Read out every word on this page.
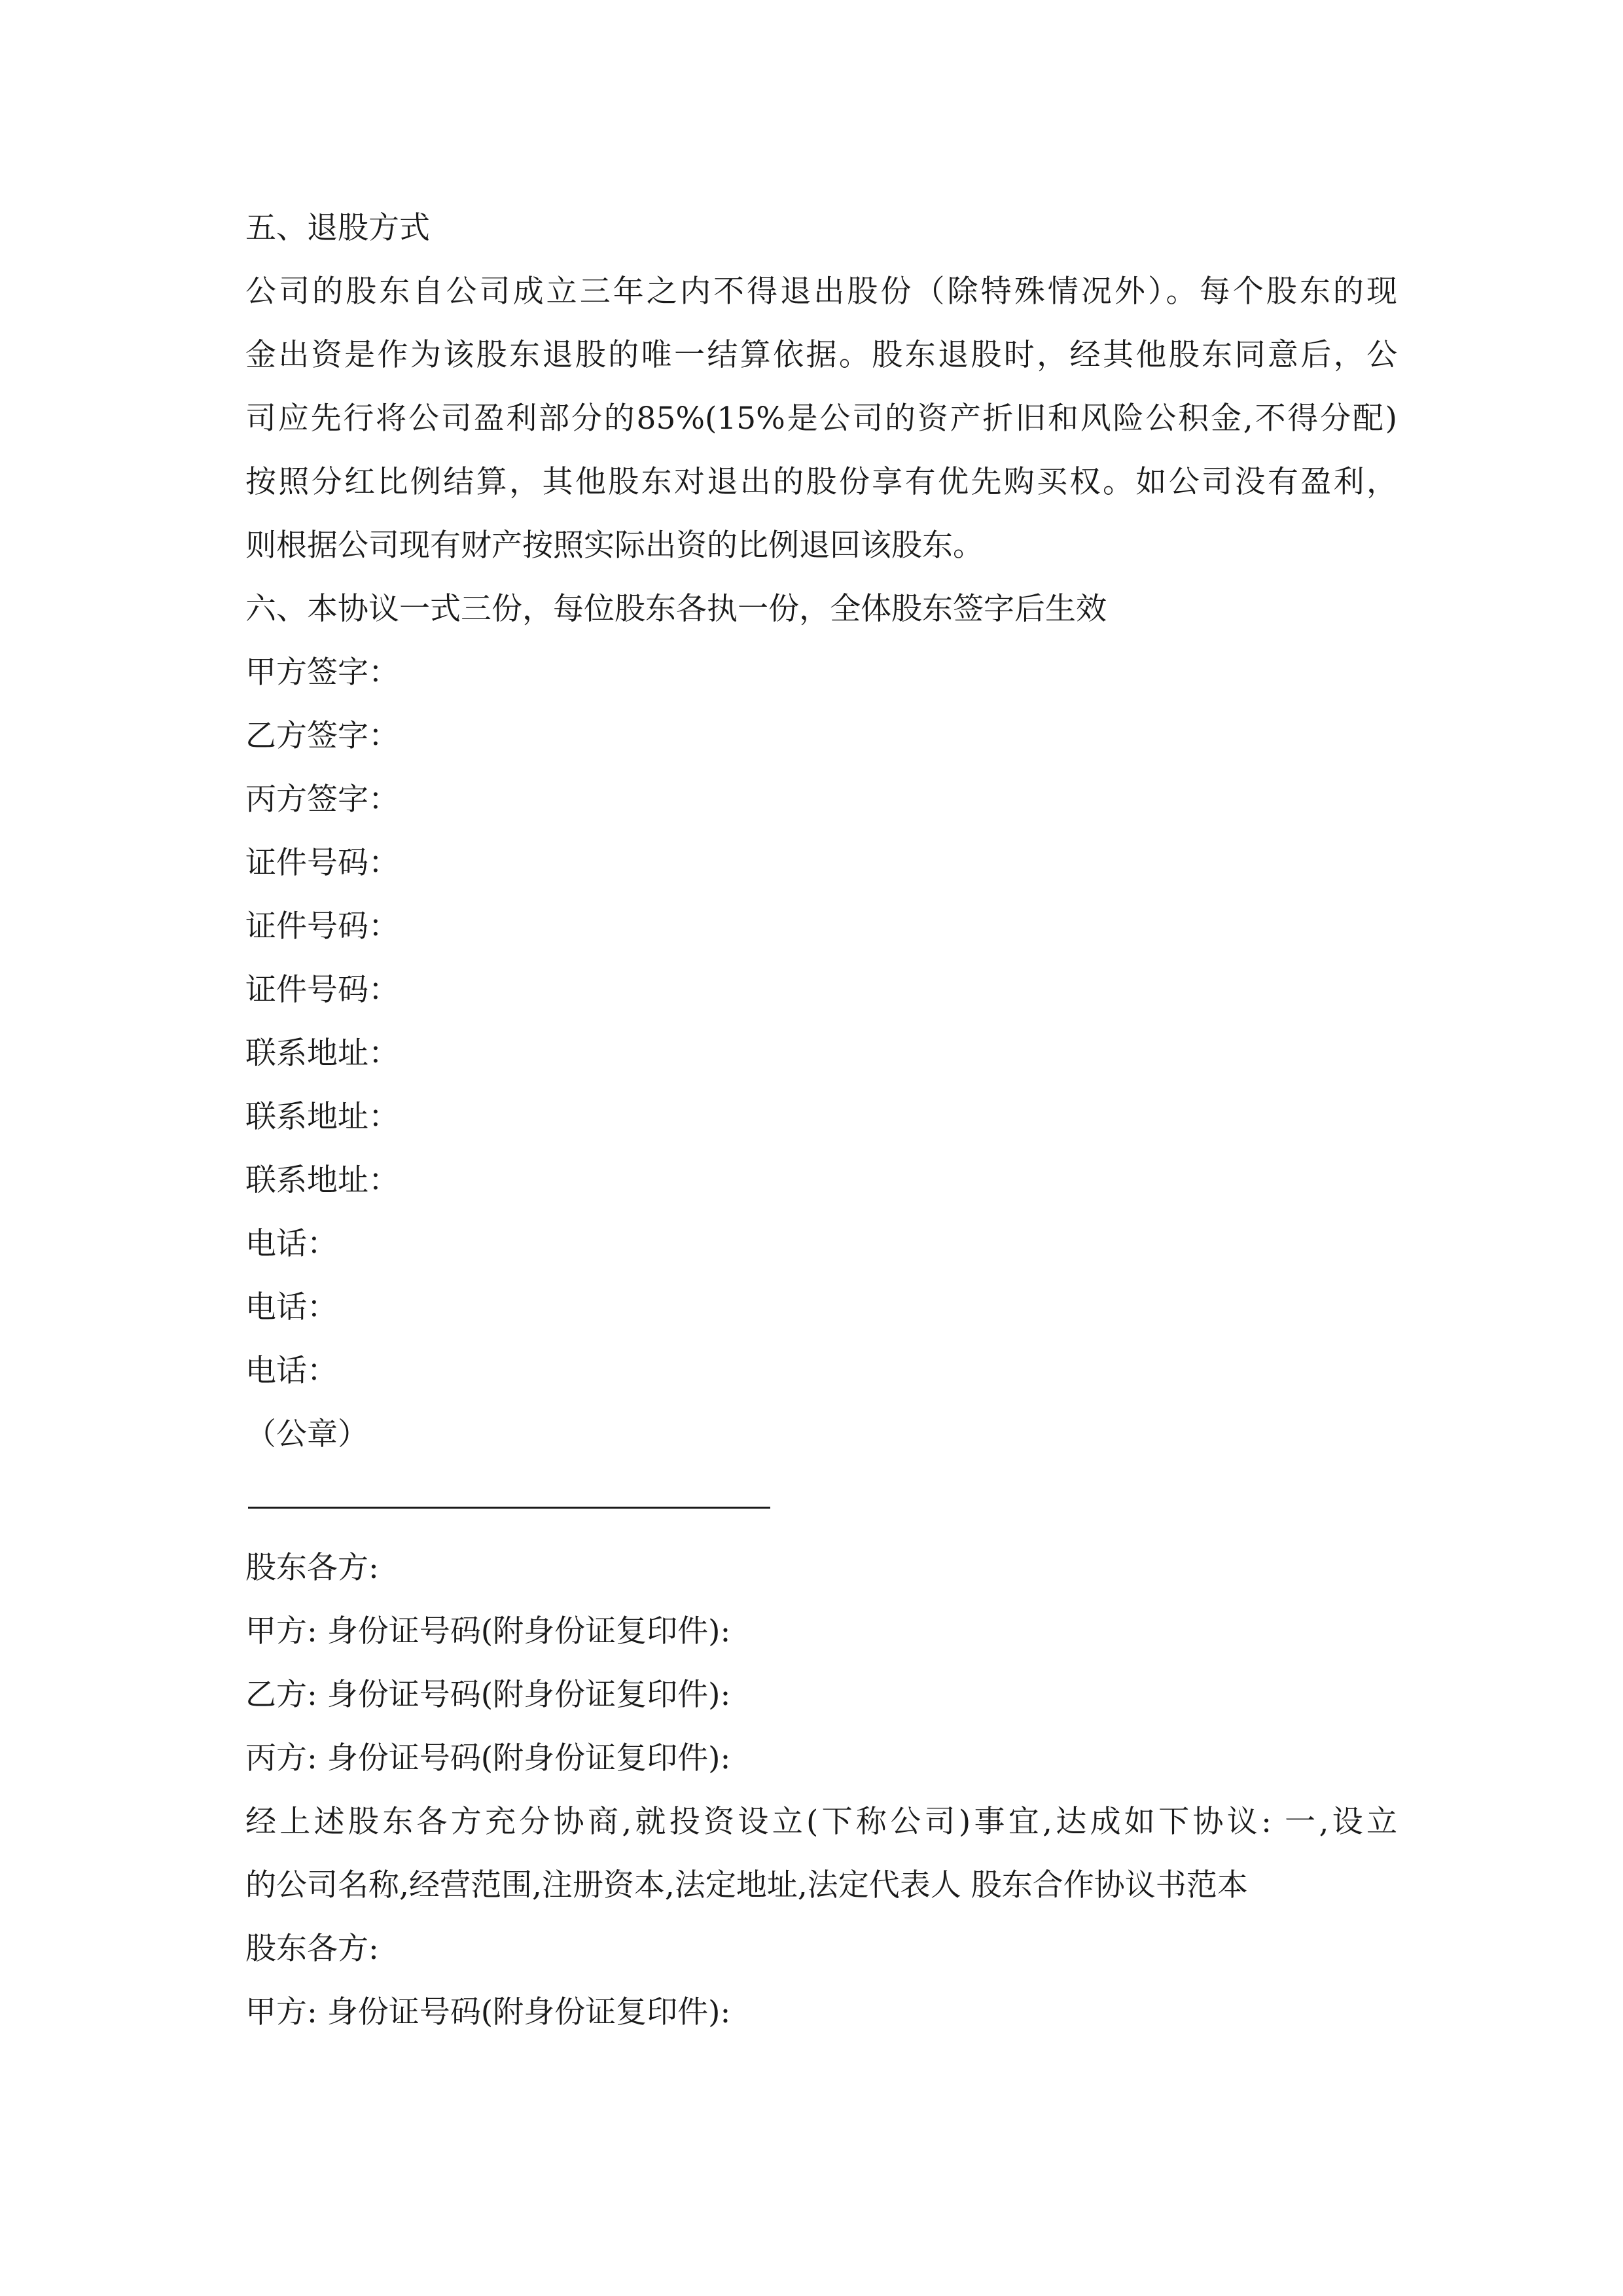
五、退股方式
公司的股东自公司成立三年之内不得退出股份（除特殊情况外）。每个股东的现
金出资是作为该股东退股的唯一结算依据。股东退股时，经其他股东同意后，公
司应先行将公司盈利部分的85%(15%是公司的资产折旧和风险公积金,不得分配)
按照分红比例结算，其他股东对退出的股份享有优先购买权。如公司没有盈利，
则根据公司现有财产按照实际出资的比例退回该股东。
六、本协议一式三份，每位股东各执一份，全体股东签字后生效
甲方签字：
乙方签字：
丙方签字：
证件号码：
证件号码：
证件号码：
联系地址：
联系地址：
联系地址：
电话：
电话：
电话：
（公章）
股东各方:
甲方: 身份证号码(附身份证复印件):
乙方: 身份证号码(附身份证复印件):
丙方: 身份证号码(附身份证复印件):
经上述股东各方充分协商,就投资设立(下称公司)事宜,达成如下协议: 一,设立
的公司名称,经营范围,注册资本,法定地址,法定代表人 股东合作协议书范本
股东各方:
甲方: 身份证号码(附身份证复印件):
